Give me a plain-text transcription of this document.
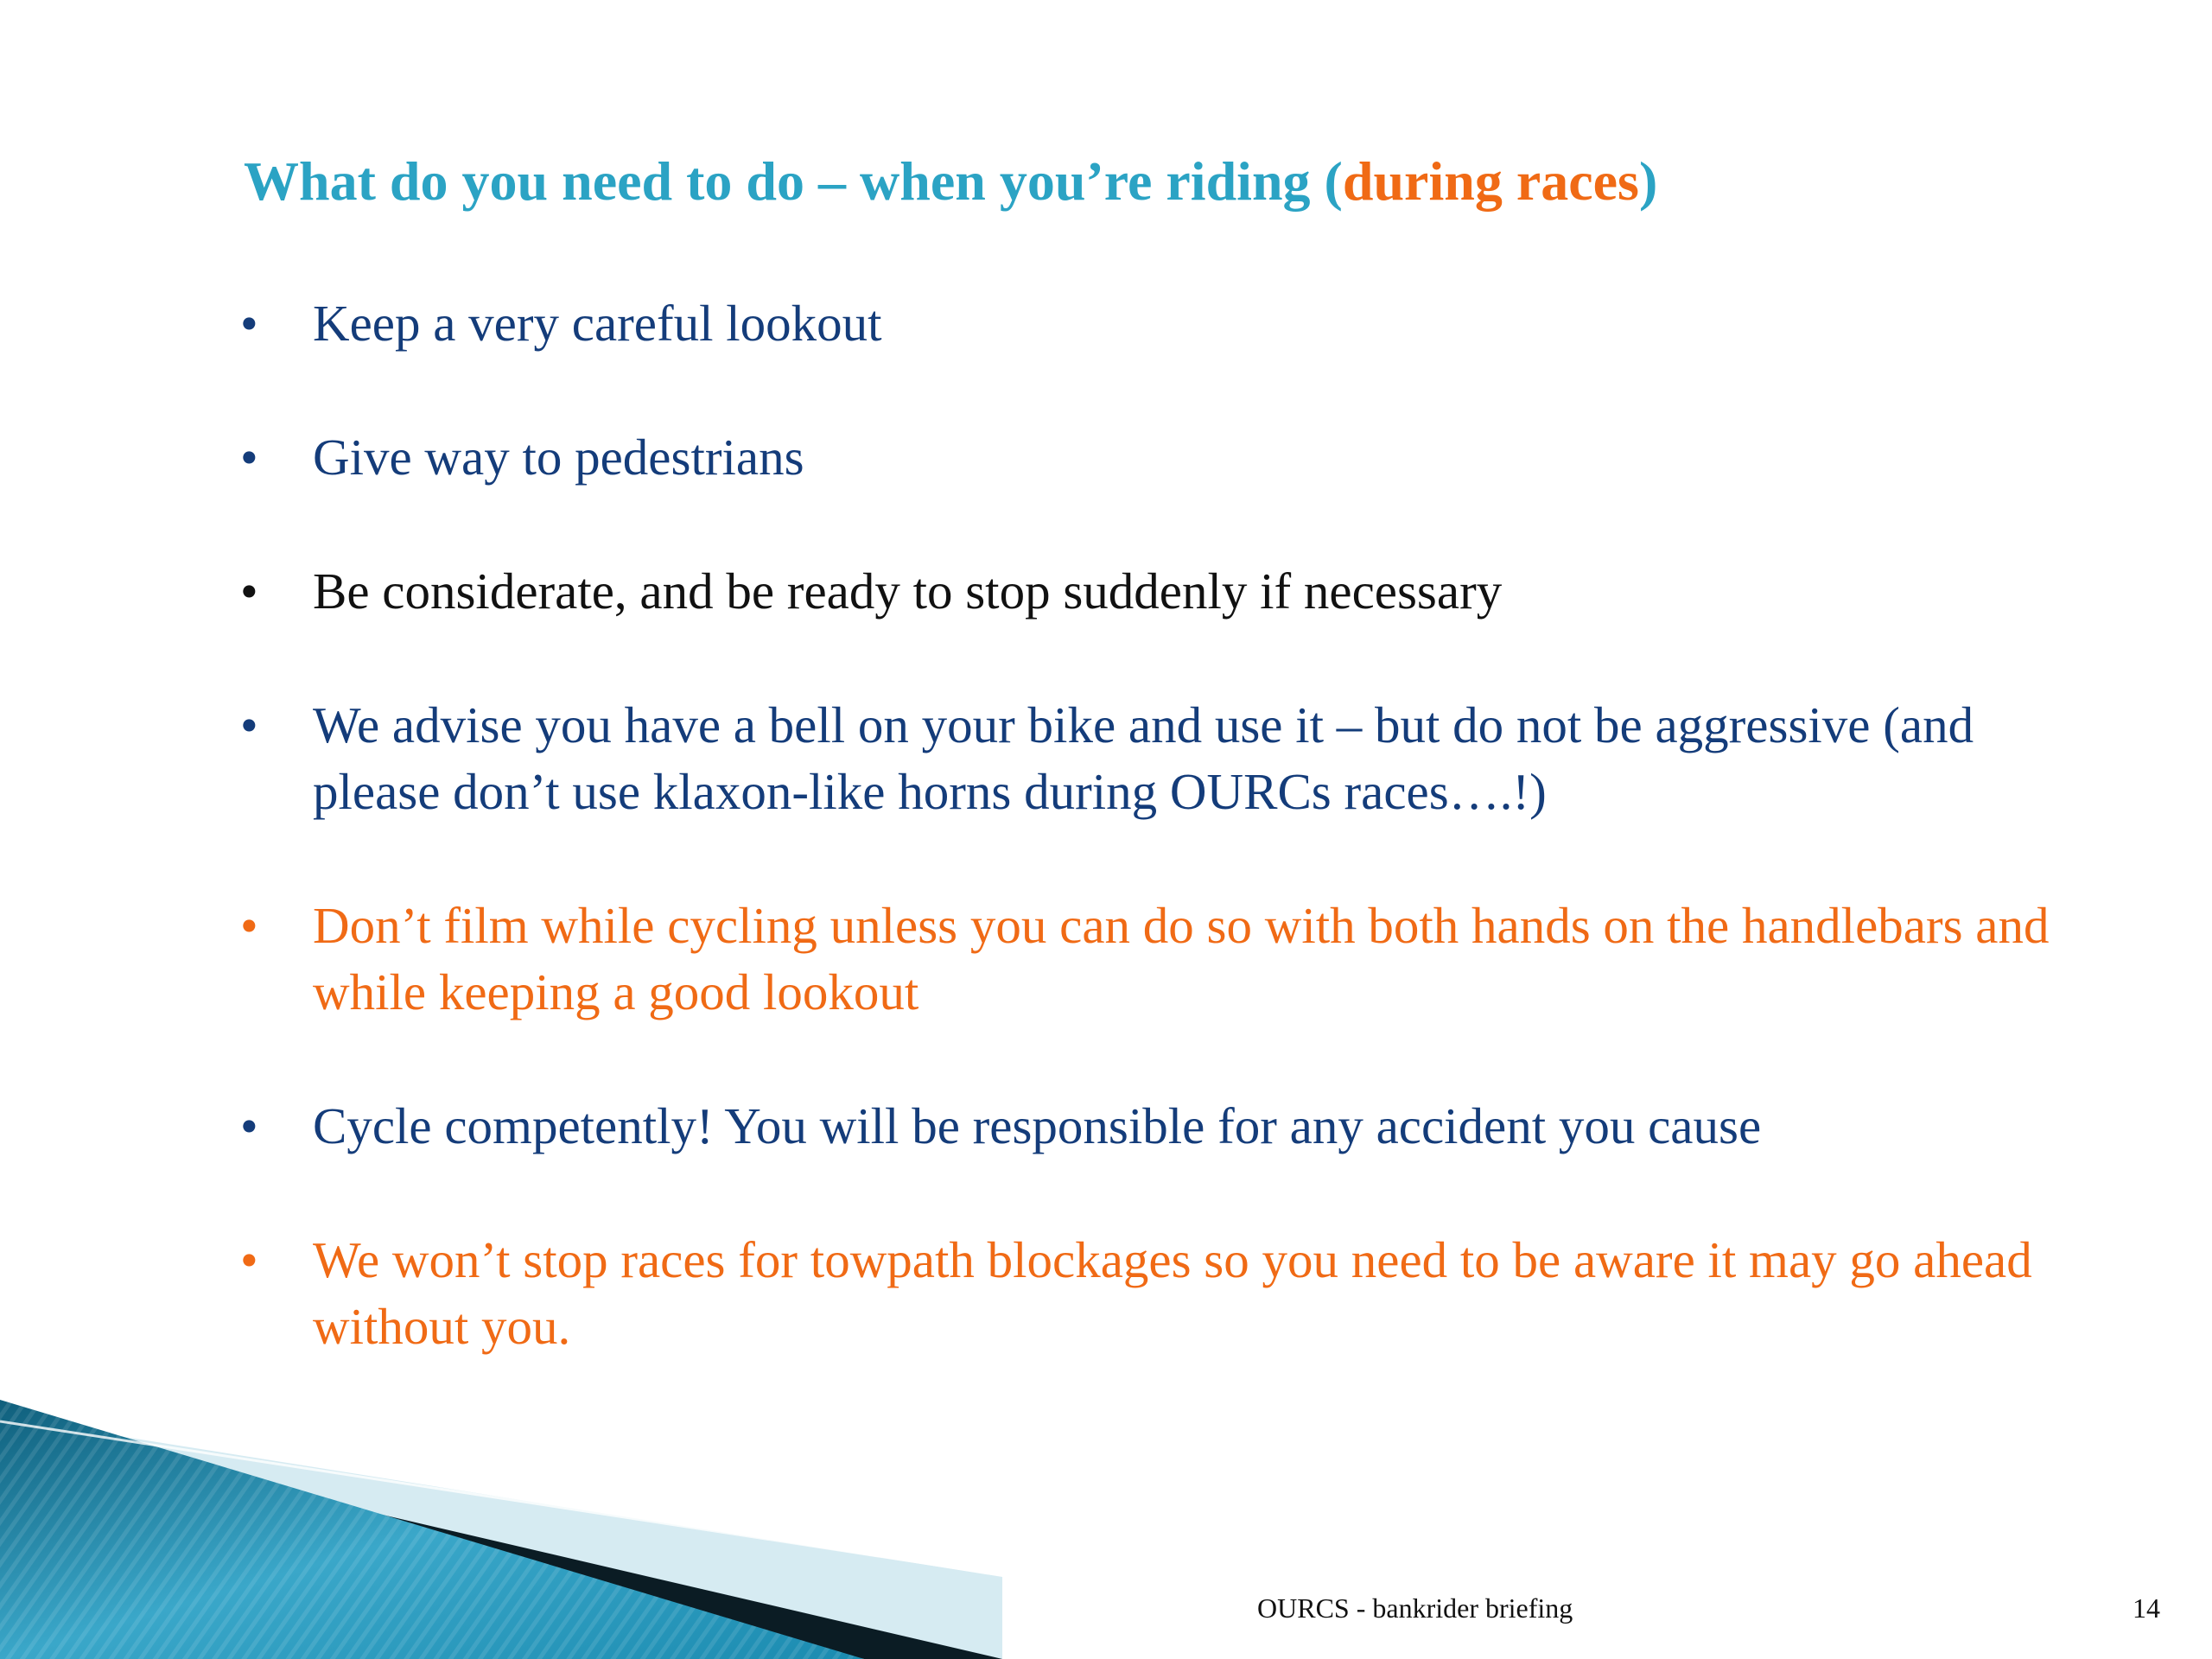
What do you need to do – when you’re riding (during races)
•	Keep a very careful lookout
•	Give way to pedestrians
•	Be considerate, and be ready to stop suddenly if necessary
•	We advise you have a bell on your bike and use it – but do not be aggressive (and please don’t use klaxon-like horns during OURCs races….!)
•	Don’t film while cycling unless you can do so with both hands on the handlebars and while keeping a good lookout
•	Cycle competently! You will be responsible for any accident you cause
•	We won’t stop races for towpath blockages so you need to be aware it may go ahead without you.
OURCS - bankrider briefing	14
